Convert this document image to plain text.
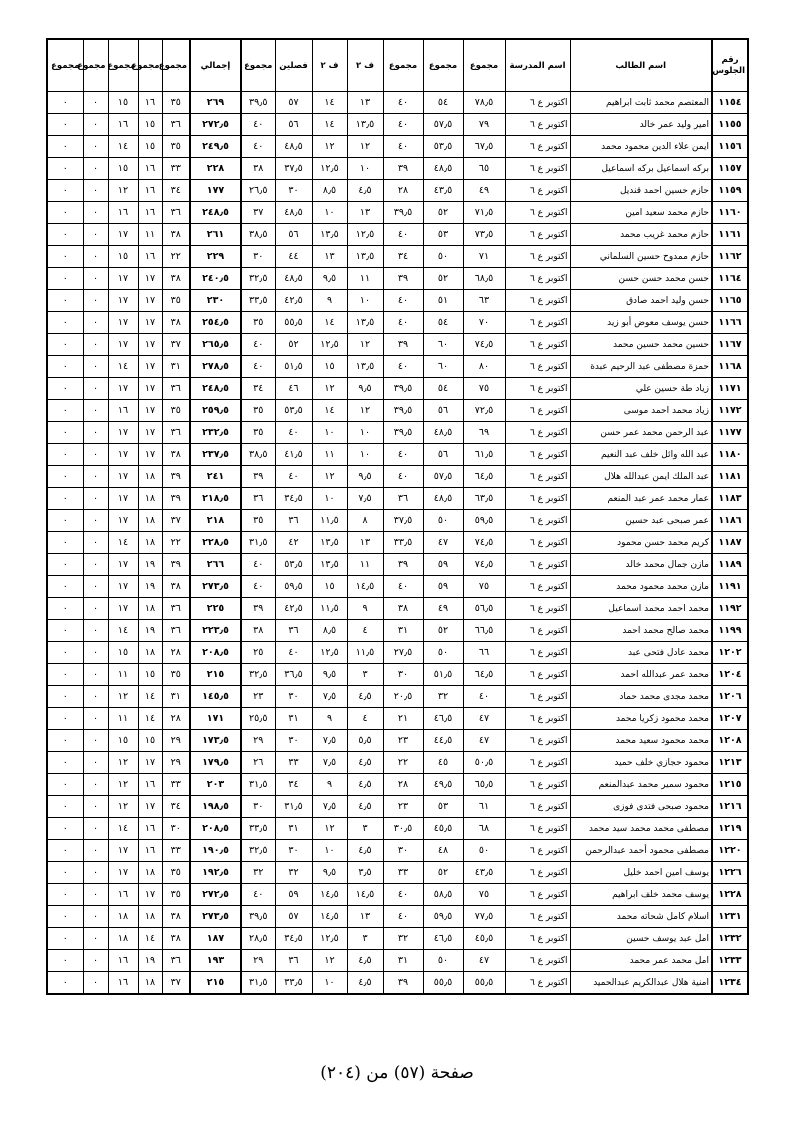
رقم الجلوس	اسم الطالب	اسم المدرسة	مجموع	مجموع	مجموع	ف ٢	ف ٢	فصلين	مجموع	إجمالي	مجموع	مجموع	مجموع	مجموع	مجموع
١١٥٤	المعتصم محمد ثابت ابراهيم	اكتوبر ع ٦	٧٨٫٥	٥٤	٤٠	١٣	١٤	٥٧	٣٩٫٥	٢٦٩	٣٥	١٦	١٥	٠	٠
١١٥٥	امير وليد عمر خالد	اكتوبر ع ٦	٧٩	٥٧٫٥	٤٠	١٣٫٥	١٤	٥٦	٤٠	٢٧٢٫٥	٣٦	١٥	١٦	٠	٠
١١٥٦	ايمن علاء الدين محمود محمد	اكتوبر ع ٦	٦٧٫٥	٥٣٫٥	٤٠	١٢	١٢	٤٨٫٥	٤٠	٢٤٩٫٥	٣٥	١٥	١٤	٠	٠
١١٥٧	بركه اسماعيل بركه اسماعيل	اكتوبر ع ٦	٦٥	٤٨٫٥	٣٩	١٠	١٢٫٥	٣٧٫٥	٣٨	٢٢٨	٣٣	١٦	١٥	٠	٠
١١٥٩	حازم حسين احمد قنديل	اكتوبر ع ٦	٤٩	٤٣٫٥	٢٨	٤٫٥	٨٫٥	٣٠	٢٦٫٥	١٧٧	٣٤	١٦	١٢	٠	٠
١١٦٠	حازم محمد سعيد امين	اكتوبر ع ٦	٧١٫٥	٥٢	٣٩٫٥	١٣	١٠	٤٨٫٥	٣٧	٢٤٨٫٥	٣٦	١٦	١٦	٠	٠
١١٦١	حازم محمد غريب محمد	اكتوبر ع ٦	٧٣٫٥	٥٣	٤٠	١٢٫٥	١٣٫٥	٥٦	٣٨٫٥	٢٦١	٣٨	١١	١٧	٠	٠
١١٦٢	حازم ممدوح حسين السلماني	اكتوبر ع ٦	٧١	٥٠	٣٤	١٣٫٥	١٣	٤٤	٣٠	٢٢٩	٢٢	١٦	١٥	٠	٠
١١٦٤	حسن محمد حسن حسن	اكتوبر ع ٦	٦٨٫٥	٥٢	٣٩	١١	٩٫٥	٤٨٫٥	٣٢٫٥	٢٤٠٫٥	٣٨	١٧	١٧	٠	٠
١١٦٥	حسن وليد احمد صادق	اكتوبر ع ٦	٦٣	٥١	٤٠	١٠	٩	٤٢٫٥	٣٣٫٥	٢٣٠	٣٥	١٧	١٧	٠	٠
١١٦٦	حسن يوسف معوض أبو زيد	اكتوبر ع ٦	٧٠	٥٤	٤٠	١٣٫٥	١٤	٥٥٫٥	٣٥	٢٥٤٫٥	٣٨	١٧	١٧	٠	٠
١١٦٧	حسين محمد حسين محمد	اكتوبر ع ٦	٧٤٫٥	٦٠	٣٩	١٢	١٢٫٥	٥٢	٤٠	٢٦٥٫٥	٣٧	١٧	١٧	٠	٠
١١٦٨	حمزة مصطفى عبد الرحيم عبدة	اكتوبر ع ٦	٨٠	٦٠	٤٠	١٣٫٥	١٥	٥١٫٥	٤٠	٢٧٨٫٥	٣١	١٧	١٤	٠	٠
١١٧١	زياد طة حسين علي	اكتوبر ع ٦	٧٥	٥٤	٣٩٫٥	٩٫٥	١٢	٤٦	٣٤	٢٤٨٫٥	٣٦	١٧	١٧	٠	٠
١١٧٢	زياد محمد احمد موسى	اكتوبر ع ٦	٧٢٫٥	٥٦	٣٩٫٥	١٢	١٤	٥٣٫٥	٣٥	٢٥٩٫٥	٣٥	١٧	١٦	٠	٠
١١٧٧	عبد الرحمن محمد عمر حسن	اكتوبر ع ٦	٦٩	٤٨٫٥	٣٩٫٥	١٠	١٠	٤٠	٣٥	٢٣٢٫٥	٣٦	١٧	١٧	٠	٠
١١٨٠	عبد الله وائل خلف عبد النعيم	اكتوبر ع ٦	٦١٫٥	٥٦	٤٠	١٠	١١	٤١٫٥	٣٨٫٥	٢٣٧٫٥	٣٨	١٧	١٧	٠	٠
١١٨١	عبد الملك ايمن عبدالله هلال	اكتوبر ع ٦	٦٤٫٥	٥٧٫٥	٤٠	٩٫٥	١٢	٤٠	٣٩	٢٤١	٣٩	١٨	١٧	٠	٠
١١٨٣	عمار محمد عمر عبد المنعم	اكتوبر ع ٦	٦٣٫٥	٤٨٫٥	٣٦	٧٫٥	١٠	٣٤٫٥	٣٦	٢١٨٫٥	٣٩	١٨	١٧	٠	٠
١١٨٦	عمر صبحى عبد حسين	اكتوبر ع ٦	٥٩٫٥	٥٠	٣٧٫٥	٨	١١٫٥	٣٦	٣٥	٢١٨	٣٧	١٨	١٧	٠	٠
١١٨٧	كريم محمد حسن محمود	اكتوبر ع ٦	٧٤٫٥	٤٧	٣٣٫٥	١٣	١٣٫٥	٤٢	٣١٫٥	٢٢٨٫٥	٢٢	١٨	١٤	٠	٠
١١٨٩	مازن جمال محمد خالد	اكتوبر ع ٦	٧٤٫٥	٥٩	٣٩	١١	١٣٫٥	٥٣٫٥	٤٠	٢٦٦	٣٩	١٩	١٧	٠	٠
١١٩١	مازن محمد محمود محمد	اكتوبر ع ٦	٧٥	٥٩	٤٠	١٤٫٥	١٥	٥٩٫٥	٤٠	٢٧٣٫٥	٣٨	١٩	١٧	٠	٠
١١٩٢	محمد احمد محمد اسماعيل	اكتوبر ع ٦	٥٦٫٥	٤٩	٣٨	٩	١١٫٥	٤٢٫٥	٣٩	٢٢٥	٣٦	١٨	١٧	٠	٠
١١٩٩	محمد صالح محمد احمد	اكتوبر ع ٦	٦٦٫٥	٥٢	٣١	٤	٨٫٥	٣٦	٣٨	٢٢٣٫٥	٣٦	١٩	١٤	٠	٠
١٢٠٢	محمد عادل فتحى عبد	اكتوبر ع ٦	٦٦	٥٠	٢٧٫٥	١١٫٥	١٢٫٥	٤٠	٢٥	٢٠٨٫٥	٢٨	١٨	١٥	٠	٠
١٢٠٤	محمد عمر عبدالله احمد	اكتوبر ع ٦	٦٤٫٥	٥١٫٥	٣٠	٣	٩٫٥	٣٦٫٥	٣٢٫٥	٢١٥	٣٥	١٥	١١	٠	٠
١٢٠٦	محمد مجدى محمد حماد	اكتوبر ع ٦	٤٠	٣٢	٢٠٫٥	٤٫٥	٧٫٥	٣٠	٢٣	١٤٥٫٥	٣١	١٤	١٢	٠	٠
١٢٠٧	محمد محمود زكريا محمد	اكتوبر ع ٦	٤٧	٤٦٫٥	٢١	٤	٩	٣١	٢٥٫٥	١٧١	٢٨	١٤	١١	٠	٠
١٢٠٨	محمد محمود سعيد محمد	اكتوبر ع ٦	٤٧	٤٤٫٥	٢٣	٥٫٥	٧٫٥	٣٠	٢٩	١٧٣٫٥	٢٩	١٥	١٥	٠	٠
١٢١٣	محمود حجازي خلف حميد	اكتوبر ع ٦	٥٠٫٥	٤٥	٢٢	٤٫٥	٧٫٥	٣٣	٢٦	١٧٩٫٥	٢٩	١٧	١٢	٠	٠
١٢١٥	محمود سمير محمد عبدالمنعم	اكتوبر ع ٦	٦٥٫٥	٤٩٫٥	٢٨	٤٫٥	٩	٣٤	٣١٫٥	٢٠٣	٣٣	١٦	١٢	٠	٠
١٢١٦	محمود صبحى فتدى فوزى	اكتوبر ع ٦	٦١	٥٣	٢٣	٤٫٥	٧٫٥	٣١٫٥	٣٠	١٩٨٫٥	٣٤	١٧	١٢	٠	٠
١٢١٩	مصطفى محمد محمد سيد محمد	اكتوبر ع ٦	٦٨	٤٥٫٥	٣٠٫٥	٣	١٢	٣١	٣٣٫٥	٢٠٨٫٥	٣٠	١٦	١٤	٠	٠
١٢٢٠	مصطفى محمود أحمد عبدالرحمن	اكتوبر ع ٦	٥٠	٤٨	٣٠	٤٫٥	١٠	٣٠	٣٢٫٥	١٩٠٫٥	٣٣	١٦	١٧	٠	٠
١٢٢٦	يوسف امين احمد خليل	اكتوبر ع ٦	٤٣٫٥	٥٢	٣٣	٣٫٥	٩٫٥	٣٢	٣٢	١٩٢٫٥	٣٥	١٨	١٧	٠	٠
١٢٢٨	يوسف محمد خلف ابراهيم	اكتوبر ع ٦	٧٥	٥٨٫٥	٤٠	١٤٫٥	١٤٫٥	٥٩	٤٠	٢٧٢٫٥	٣٥	١٧	١٦	٠	٠
١٢٣١	اسلام كامل شحاته محمد	اكتوبر ع ٦	٧٧٫٥	٥٩٫٥	٤٠	١٣	١٤٫٥	٥٧	٣٩٫٥	٢٧٣٫٥	٣٨	١٨	١٨	٠	٠
١٢٣٢	امل عبد يوسف حسين	اكتوبر ع ٦	٤٥٫٥	٤٦٫٥	٣٢	٣	١٢٫٥	٣٤٫٥	٢٨٫٥	١٨٧	٣٨	١٤	١٨	٠	٠
١٢٣٣	امل محمد عمر محمد	اكتوبر ع ٦	٤٧	٥٠	٣١	٤٫٥	١٢	٣٦	٢٩	١٩٣	٣٦	١٩	١٦	٠	٠
١٢٣٤	امنية هلال عبدالكريم عبدالحميد	اكتوبر ع ٦	٥٥٫٥	٥٥٫٥	٣٩	٤٫٥	١٠	٣٣٫٥	٣١٫٥	٢١٥	٣٧	١٨	١٦	٠	٠
صفحة (٥٧) من (٢٠٤)
